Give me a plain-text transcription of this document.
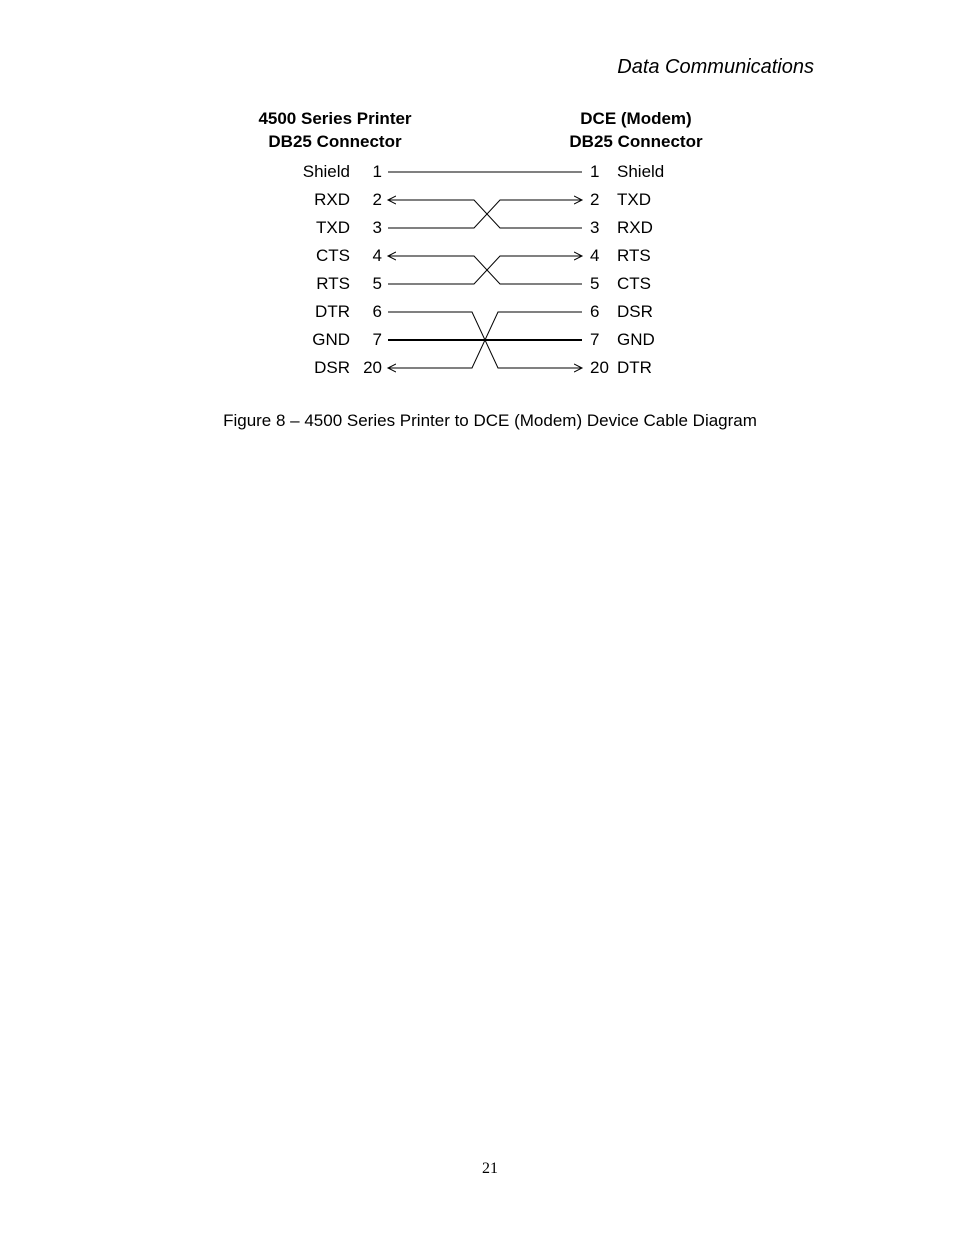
Data Communications
4500 Series Printer
DB25 Connector
DCE (Modem)
DB25 Connector
Shield	1	1	Shield
RXD	2	2	TXD
TXD	3	3	RXD
CTS	4	4	RTS
RTS	5	5	CTS
DTR	6	6	DSR
GND	7	7	GND
DSR 20	20 DTR
Figure 8 – 4500 Series Printer to DCE (Modem) Device Cable Diagram
21
